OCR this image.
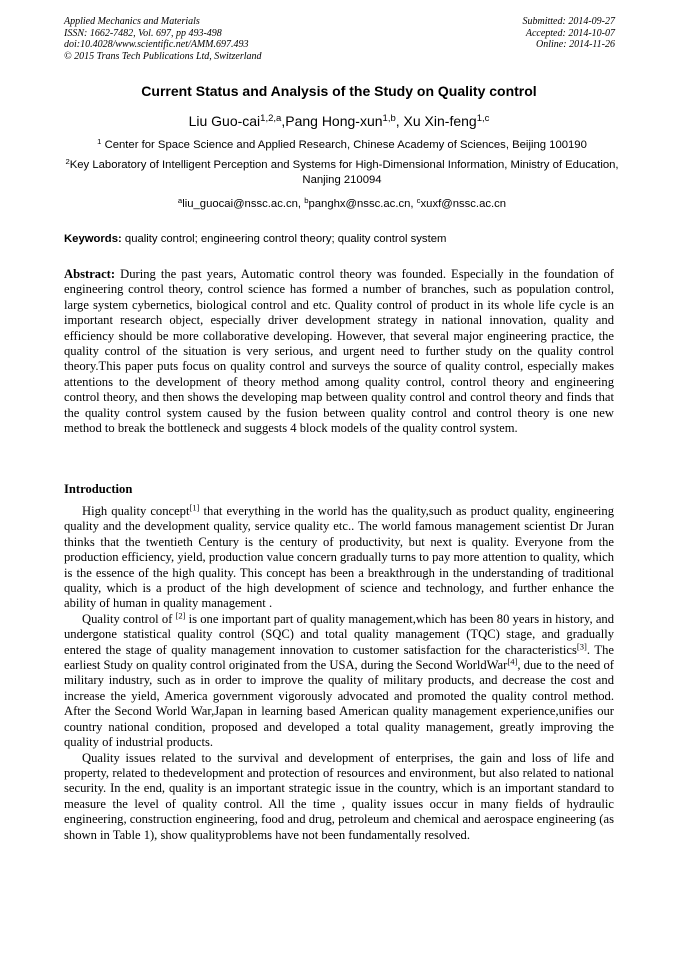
Applied Mechanics and Materials
ISSN: 1662-7482, Vol. 697, pp 493-498
doi:10.4028/www.scientific.net/AMM.697.493
© 2015 Trans Tech Publications Ltd, Switzerland
Submitted: 2014-09-27
Accepted: 2014-10-07
Online: 2014-11-26
Current Status and Analysis of the Study on Quality control
Liu Guo-cai$^{1,2,a}$,Pang Hong-xun$^{1,b}$, Xu Xin-feng$^{1,c}$
$^1$ Center for Space Science and Applied Research, Chinese Academy of Sciences, Beijing 100190
$^2$Key Laboratory of Intelligent Perception and Systems for High-Dimensional Information, Ministry of Education, Nanjing 210094
$^a$liu_guocai@nssc.ac.cn, $^b$panghx@nssc.ac.cn, $^c$xuxf@nssc.ac.cn
Keywords: quality control; engineering control theory; quality control system
Abstract: During the past years, Automatic control theory was founded. Especially in the foundation of engineering control theory, control science has formed a number of branches, such as population control, large system cybernetics, biological control and etc. Quality control of product in its whole life cycle is an important research object, especially driver development strategy in national innovation, quality and efficiency should be more collaborative developing. However, that several major engineering practice, the quality control of the situation is very serious, and urgent need to further study on the quality control theory.This paper puts focus on quality control and surveys the source of quality control, especially makes attentions to the development of theory method among quality control, control theory and engineering control theory, and then shows the developing map between quality control and control theory and finds that the quality control system caused by the fusion between quality control and control theory is one new method to break the bottleneck and suggests 4 block models of the quality control system.
Introduction

High quality concept[1] that everything in the world has the quality,such as product quality, engineering quality and the development quality, service quality etc.. The world famous management scientist Dr Juran thinks that the twentieth Century is the century of productivity, but next is quality. Everyone from the production efficiency, yield, production value concern gradually turns to pay more attention to quality, which is the essence of the high quality. This concept has been a breakthrough in the understanding of traditional quality, which is a product of the high development of science and technology, and further enhance the ability of human in quality management .

Quality control of [2] is one important part of quality management,which has been 80 years in history, and undergone statistical quality control (SQC) and total quality management (TQC) stage, and gradually entered the stage of quality management innovation to customer satisfaction for the characteristics[3]. The earliest Study on quality control originated from the USA, during the Second WorldWar[4], due to the need of military industry, such as in order to improve the quality of military products, and decrease the cost and increase the yield, America government vigorously advocated and promoted the quality control method. After the Second World War,Japan in learning based American quality management experience,unifies our country national condition, proposed and developed a total quality management, greatly improving the quality of industrial products.

Quality issues related to the survival and development of enterprises, the gain and loss of life and property, related to thedevelopment and protection of resources and environment, but also related to national security. In the end, quality is an important strategic issue in the country, which is an important standard to measure the level of quality control. All the time , quality issues occur in many fields of hydraulic engineering, construction engineering, food and drug, petroleum and chemical and aerospace engineering (as shown in Table 1), show qualityproblems have not been fundamentally resolved.
